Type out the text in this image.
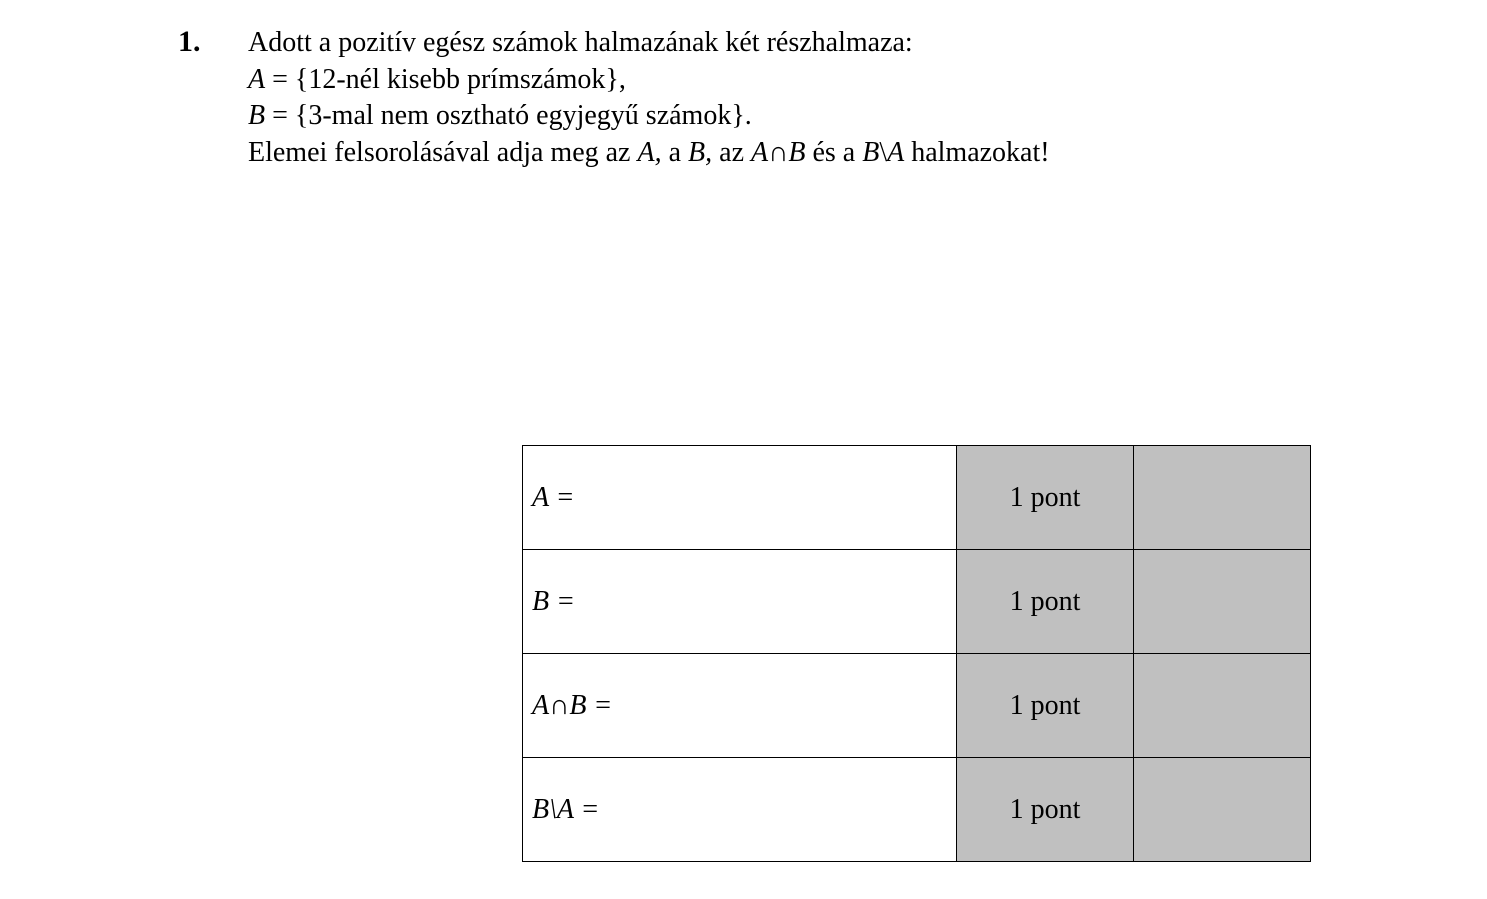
1. Adott a pozitív egész számok halmazának két részhalmaza:
A = {12-nél kisebb prímszámok},
B = {3-mal nem osztható egyjegyű számok}.
Elemei felsorolásával adja meg az A, a B, az A∩B és a B\A halmazokat!
A =	1 pont	
B =	1 pont	
A∩B =	1 pont	
B\A =	1 pont	
